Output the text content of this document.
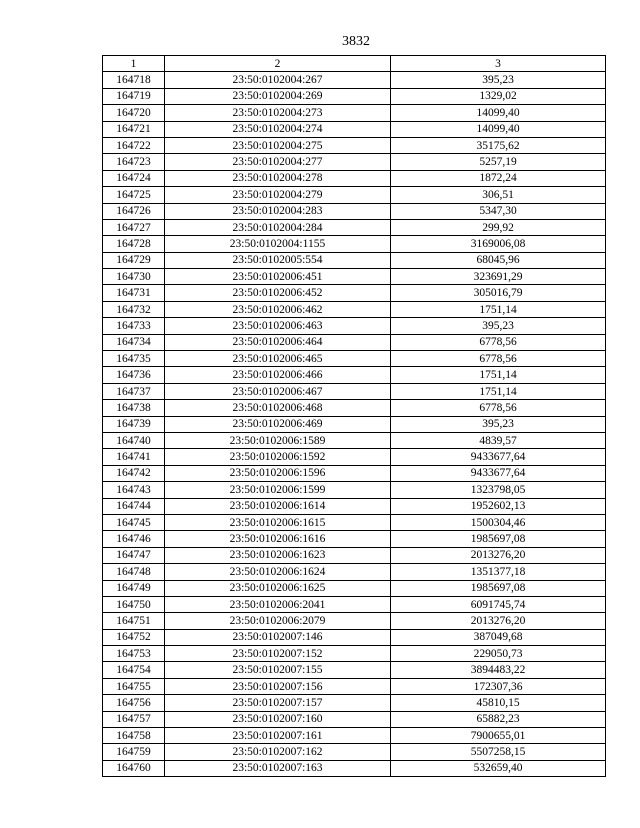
3832
1	2	3
164718	23:50:0102004:267	395,23
164719	23:50:0102004:269	1329,02
164720	23:50:0102004:273	14099,40
164721	23:50:0102004:274	14099,40
164722	23:50:0102004:275	35175,62
164723	23:50:0102004:277	5257,19
164724	23:50:0102004:278	1872,24
164725	23:50:0102004:279	306,51
164726	23:50:0102004:283	5347,30
164727	23:50:0102004:284	299,92
164728	23:50:0102004:1155	3169006,08
164729	23:50:0102005:554	68045,96
164730	23:50:0102006:451	323691,29
164731	23:50:0102006:452	305016,79
164732	23:50:0102006:462	1751,14
164733	23:50:0102006:463	395,23
164734	23:50:0102006:464	6778,56
164735	23:50:0102006:465	6778,56
164736	23:50:0102006:466	1751,14
164737	23:50:0102006:467	1751,14
164738	23:50:0102006:468	6778,56
164739	23:50:0102006:469	395,23
164740	23:50:0102006:1589	4839,57
164741	23:50:0102006:1592	9433677,64
164742	23:50:0102006:1596	9433677,64
164743	23:50:0102006:1599	1323798,05
164744	23:50:0102006:1614	1952602,13
164745	23:50:0102006:1615	1500304,46
164746	23:50:0102006:1616	1985697,08
164747	23:50:0102006:1623	2013276,20
164748	23:50:0102006:1624	1351377,18
164749	23:50:0102006:1625	1985697,08
164750	23:50:0102006:2041	6091745,74
164751	23:50:0102006:2079	2013276,20
164752	23:50:0102007:146	387049,68
164753	23:50:0102007:152	229050,73
164754	23:50:0102007:155	3894483,22
164755	23:50:0102007:156	172307,36
164756	23:50:0102007:157	45810,15
164757	23:50:0102007:160	65882,23
164758	23:50:0102007:161	7900655,01
164759	23:50:0102007:162	5507258,15
164760	23:50:0102007:163	532659,40
